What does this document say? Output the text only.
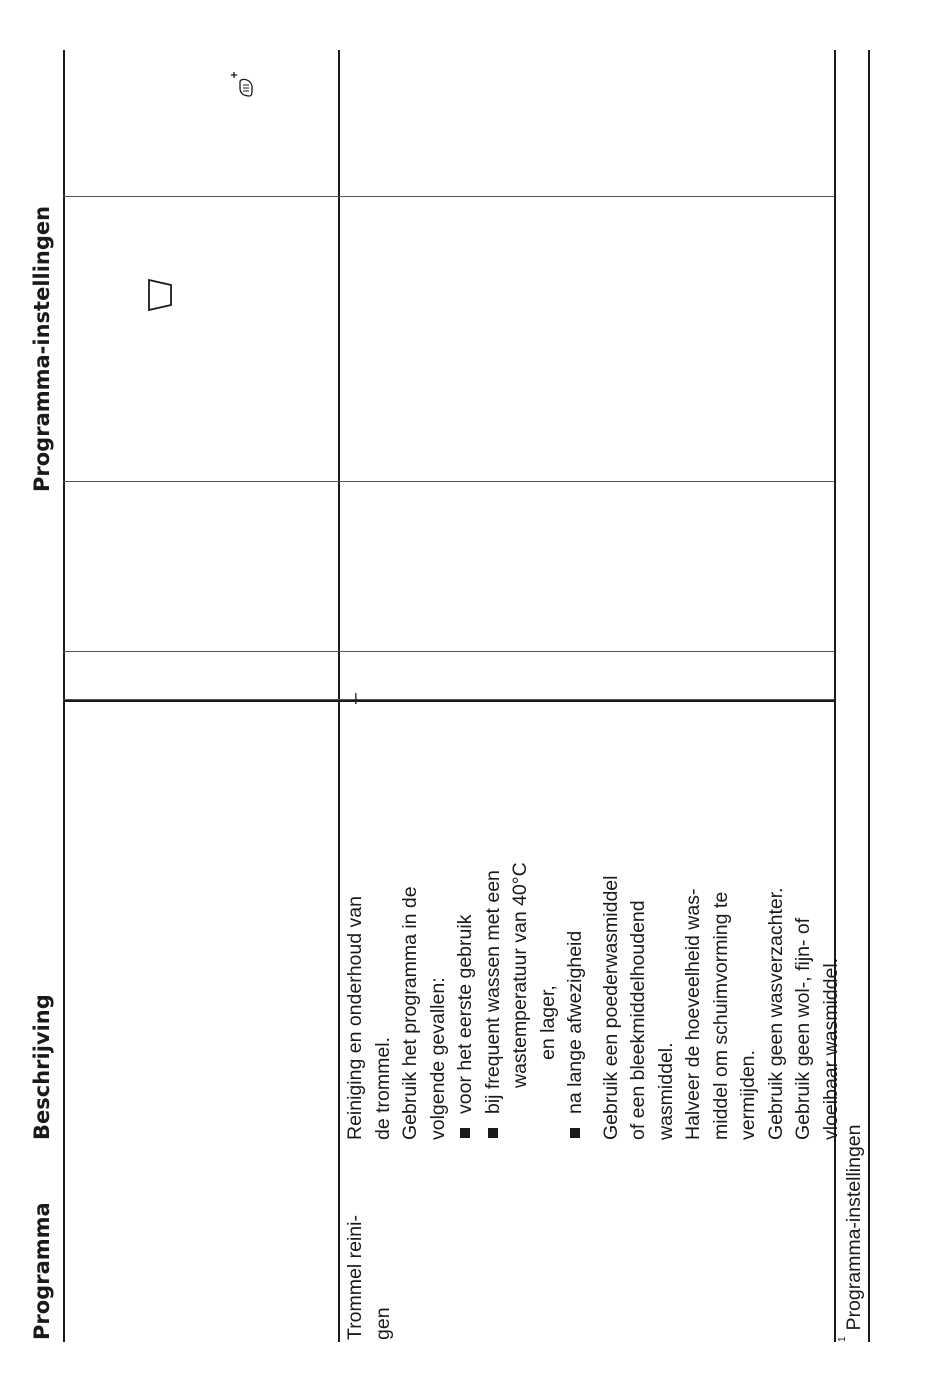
Programma
Beschrijving
Programma-instellingen
Trommel reini- gen
Reiniging en onderhoud van de trommel. Gebruik het programma in de volgende gevallen: voor het eerste gebruik bij frequent wassen met een wastemperatuur van 40°C en lager, na lange afwezigheid Gebruik een poederwasmiddel of een bleekmiddelhoudend wasmiddel. Halveer de hoeveelheid was- middel om schuimvorming te vermijden. Gebruik geen wasverzachter. Gebruik geen wol-, fijn- of vloeibaar wasmiddel.
–
$^1$Programma-instellingen
